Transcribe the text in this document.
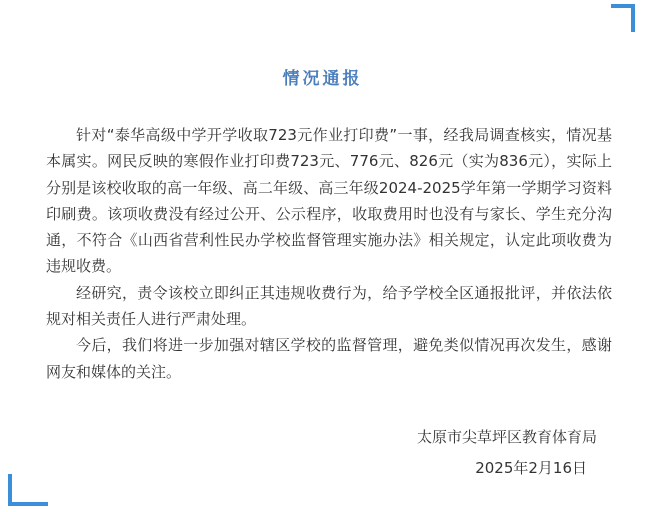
情况通报

针对“泰华高级中学开学收取723元作业打印费”一事，经我局调查核实，情况基本属实。网民反映的寒假作业打印费723元、776元、826元（实为836元），实际上分别是该校收取的高一年级、高二年级、高三年级2024-2025学年第一学期学习资料印刷费。该项收费没有经过公开、公示程序，收取费用时也没有与家长、学生充分沟通，不符合《山西省营利性民办学校监督管理实施办法》相关规定，认定此项收费为违规收费。

经研究，责令该校立即纠正其违规收费行为，给予学校全区通报批评，并依法依规对相关责任人进行严肃处理。

今后，我们将进一步加强对辖区学校的监督管理，避免类似情况再次发生，感谢网友和媒体的关注。

太原市尖草坪区教育体育局
2025年2月16日
